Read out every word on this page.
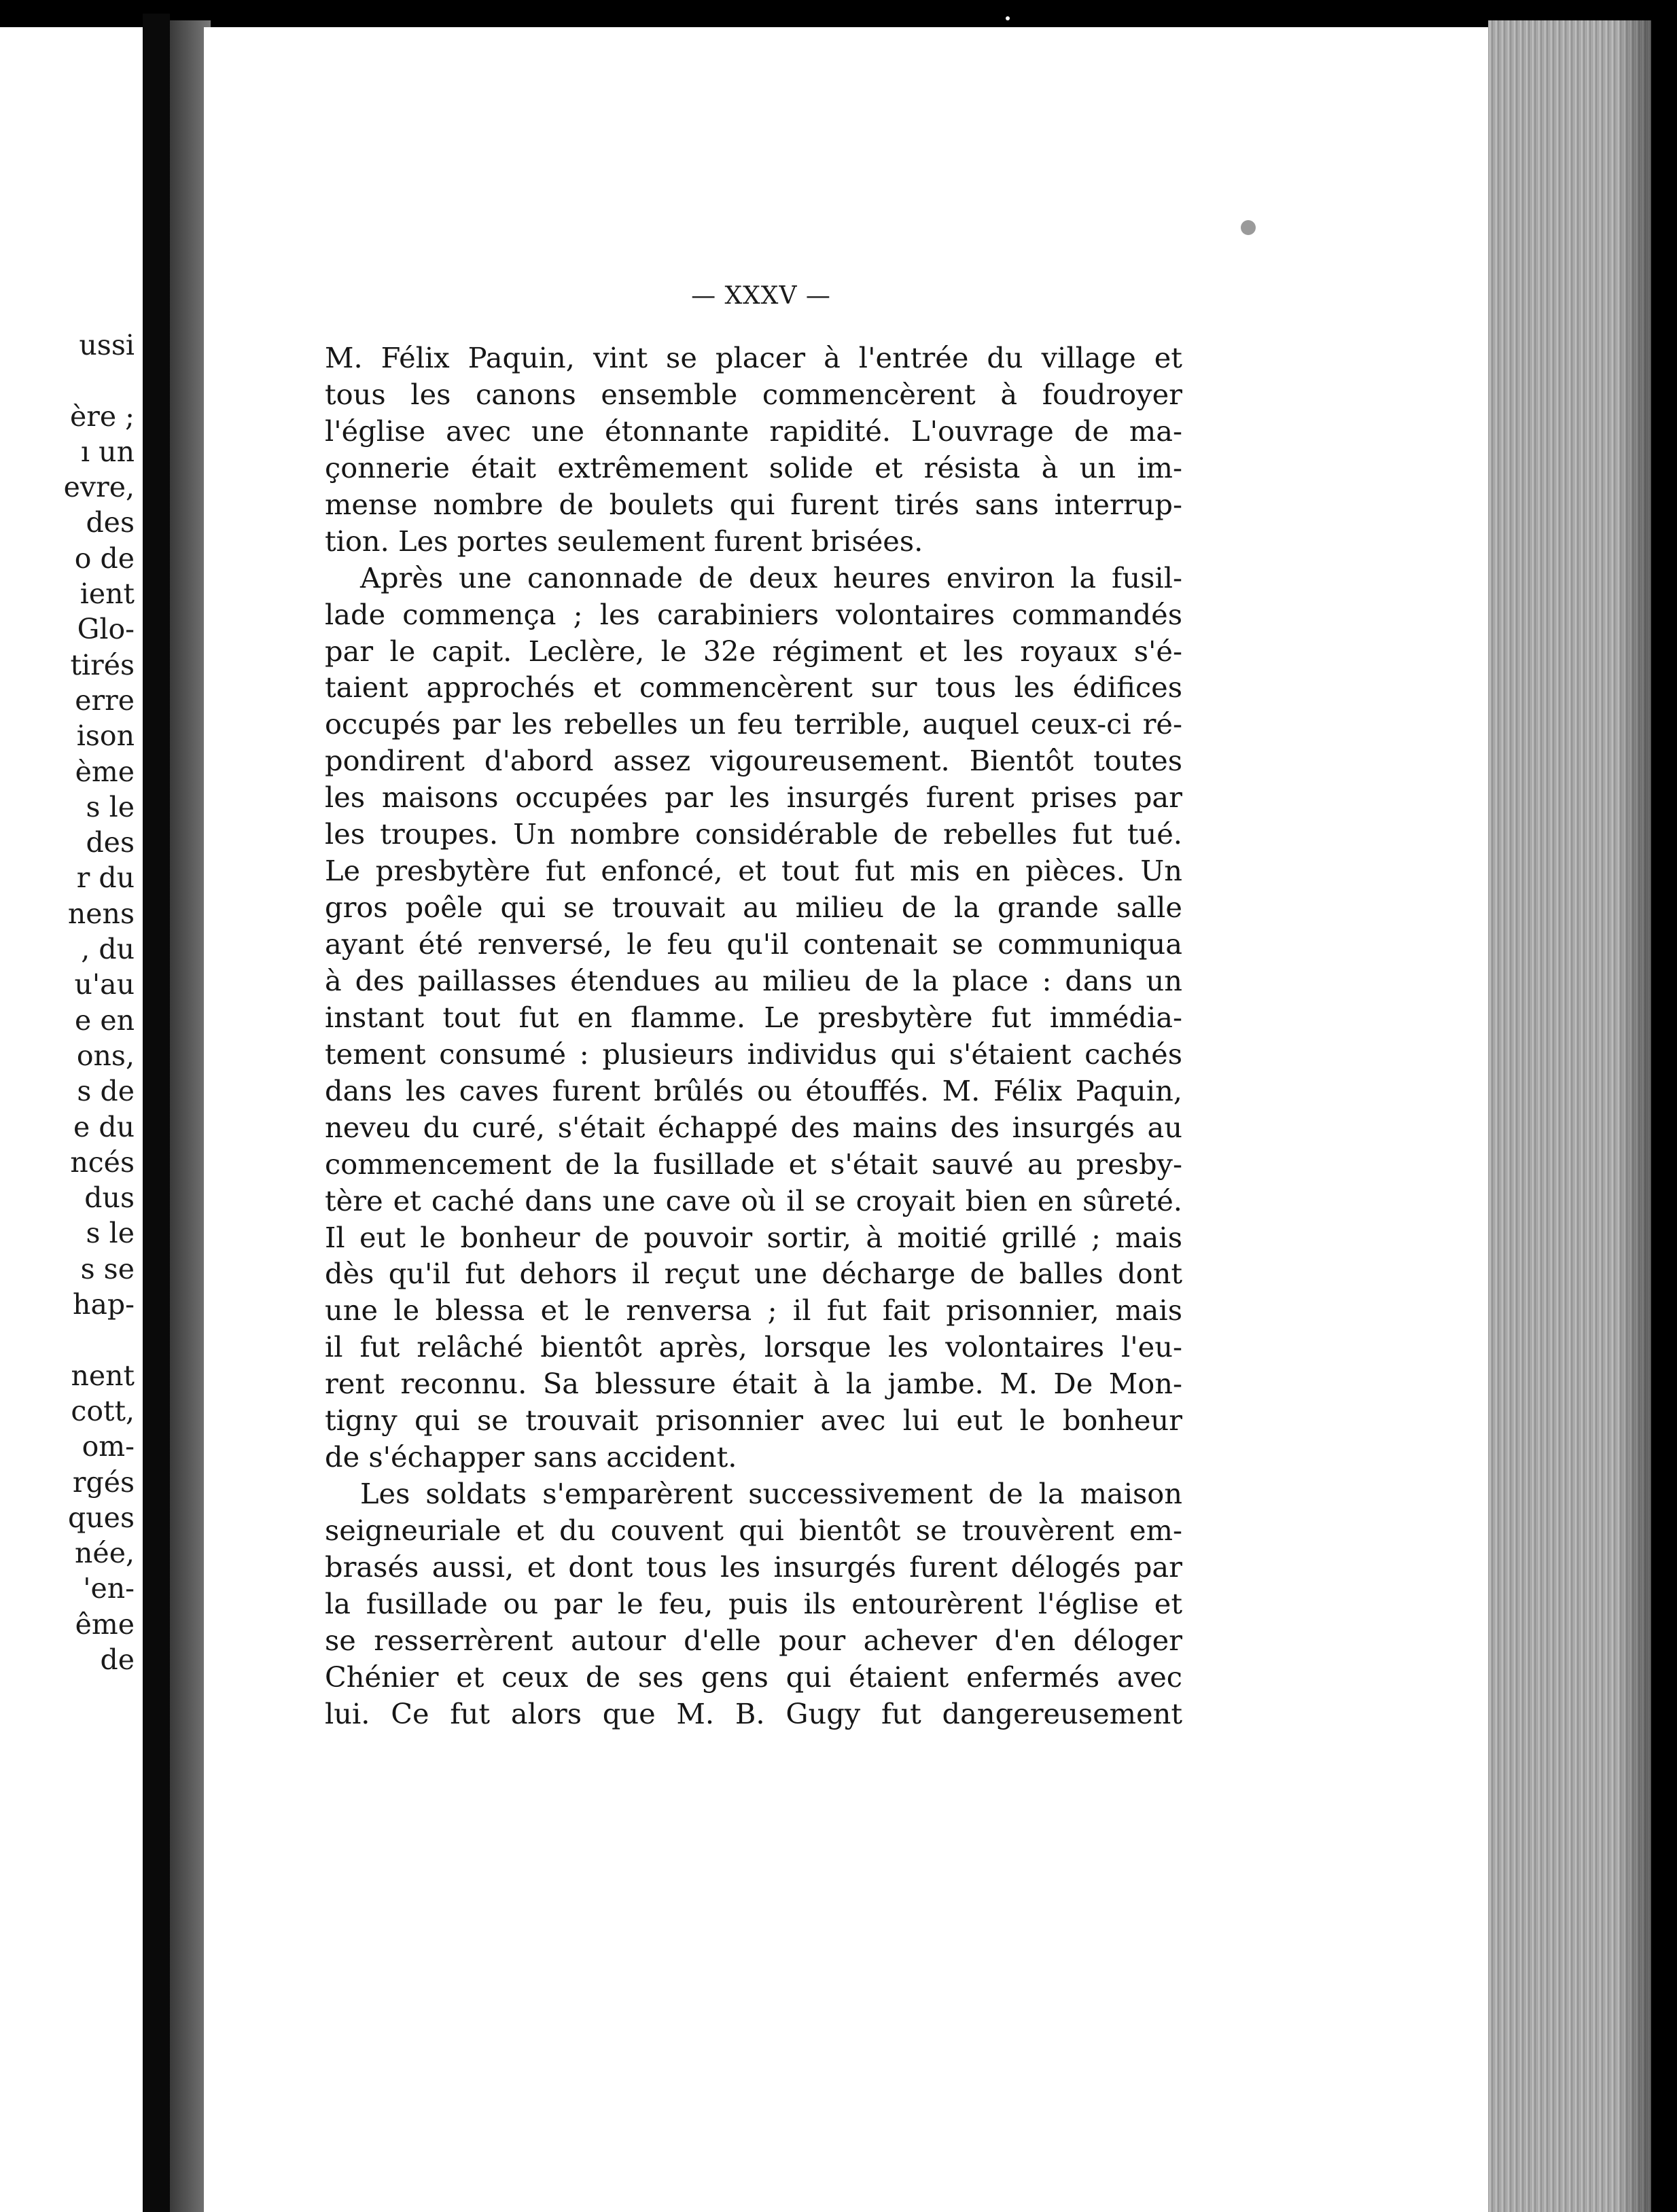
ussi
ère ;
ı un
evre,
des
o de
ient
Glo-
tirés
erre
ison
ème
s le
des
r du
nens
, du
u'au
e en
ons,
s de
e du
ncés
dus
s le
s se
hap-
nent
cott,
om-
rgés
ques
née,
'en-
ême
de
— XXXV —
M. Félix Paquin, vint se placer à l'entrée du village et
tous les canons ensemble commencèrent à foudroyer
l'église avec une étonnante rapidité. L'ouvrage de ma-
çonnerie était extrêmement solide et résista à un im-
mense nombre de boulets qui furent tirés sans interrup-
tion. Les portes seulement furent brisées.
Après une canonnade de deux heures environ la fusil-
lade commença ; les carabiniers volontaires commandés
par le capit. Leclère, le 32e régiment et les royaux s'é-
taient approchés et commencèrent sur tous les édifices
occupés par les rebelles un feu terrible, auquel ceux-ci ré-
pondirent d'abord assez vigoureusement. Bientôt toutes
les maisons occupées par les insurgés furent prises par
les troupes. Un nombre considérable de rebelles fut tué.
Le presbytère fut enfoncé, et tout fut mis en pièces. Un
gros poêle qui se trouvait au milieu de la grande salle
ayant été renversé, le feu qu'il contenait se communiqua
à des paillasses étendues au milieu de la place : dans un
instant tout fut en flamme. Le presbytère fut immédia-
tement consumé : plusieurs individus qui s'étaient cachés
dans les caves furent brûlés ou étouffés. M. Félix Paquin,
neveu du curé, s'était échappé des mains des insurgés au
commencement de la fusillade et s'était sauvé au presby-
tère et caché dans une cave où il se croyait bien en sûreté.
Il eut le bonheur de pouvoir sortir, à moitié grillé ; mais
dès qu'il fut dehors il reçut une décharge de balles dont
une le blessa et le renversa ; il fut fait prisonnier, mais
il fut relâché bientôt après, lorsque les volontaires l'eu-
rent reconnu. Sa blessure était à la jambe. M. De Mon-
tigny qui se trouvait prisonnier avec lui eut le bonheur
de s'échapper sans accident.
Les soldats s'emparèrent successivement de la maison
seigneuriale et du couvent qui bientôt se trouvèrent em-
brasés aussi, et dont tous les insurgés furent délogés par
la fusillade ou par le feu, puis ils entourèrent l'église et
se resserrèrent autour d'elle pour achever d'en déloger
Chénier et ceux de ses gens qui étaient enfermés avec
lui. Ce fut alors que M. B. Gugy fut dangereusement
